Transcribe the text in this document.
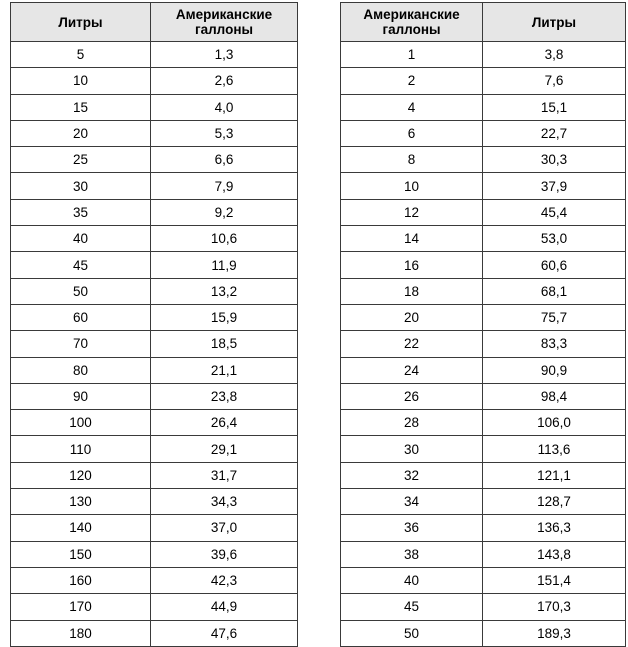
Литры	Американские
галлоны
5	1,3
10	2,6
15	4,0
20	5,3
25	6,6
30	7,9
35	9,2
40	10,6
45	11,9
50	13,2
60	15,9
70	18,5
80	21,1
90	23,8
100	26,4
110	29,1
120	31,7
130	34,3
140	37,0
150	39,6
160	42,3
170	44,9
180	47,6
Американские
галлоны	Литры
1	3,8
2	7,6
4	15,1
6	22,7
8	30,3
10	37,9
12	45,4
14	53,0
16	60,6
18	68,1
20	75,7
22	83,3
24	90,9
26	98,4
28	106,0
30	113,6
32	121,1
34	128,7
36	136,3
38	143,8
40	151,4
45	170,3
50	189,3
